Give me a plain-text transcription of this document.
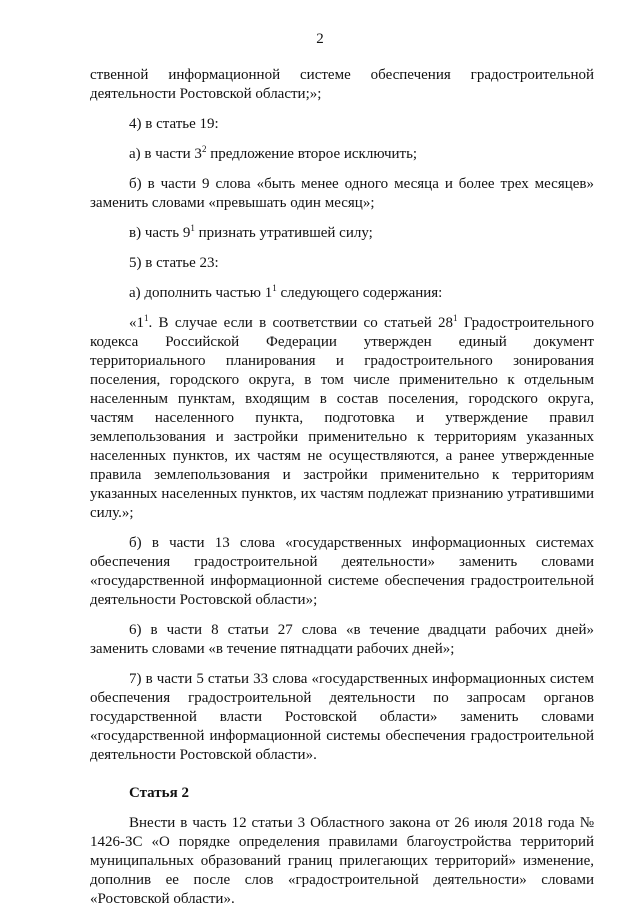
2

ственной информационной системе обеспечения градостроительной деятельности Ростовской области;»;

4) в статье 19:

а) в части $3^2$ предложение второе исключить;

б) в части 9 слова «быть менее одного месяца и более трех месяцев» заменить словами «превышать один месяц»;

в) часть $9^1$ признать утратившей силу;

5) в статье 23:

а) дополнить частью $1^1$ следующего содержания:

«$1^1$. В случае если в соответствии со статьей $28^1$ Градостроительного кодекса Российской Федерации утвержден единый документ территориального планирования и градостроительного зонирования поселения, городского округа, в том числе применительно к отдельным населенным пунктам, входящим в состав поселения, городского округа, частям населенного пункта, подготовка и утверждение правил землепользования и застройки применительно к территориям указанных населенных пунктов, их частям не осуществляются, а ранее утвержденные правила землепользования и застройки применительно к территориям указанных населенных пунктов, их частям подлежат признанию утратившими силу.»;

б) в части 13 слова «государственных информационных системах обеспечения градостроительной деятельности» заменить словами «государственной информационной системе обеспечения градостроительной деятельности Ростовской области»;

6) в части 8 статьи 27 слова «в течение двадцати рабочих дней» заменить словами «в течение пятнадцати рабочих дней»;

7) в части 5 статьи 33 слова «государственных информационных систем обеспечения градостроительной деятельности по запросам органов государственной власти Ростовской области» заменить словами «государственной информационной системы обеспечения градостроительной деятельности Ростовской области».

Статья 2

Внести в часть 12 статьи 3 Областного закона от 26 июля 2018 года № 1426-ЗС «О порядке определения правилами благоустройства территорий муниципальных образований границ прилегающих территорий» изменение, дополнив ее после слов «градостроительной деятельности» словами «Ростовской области».
